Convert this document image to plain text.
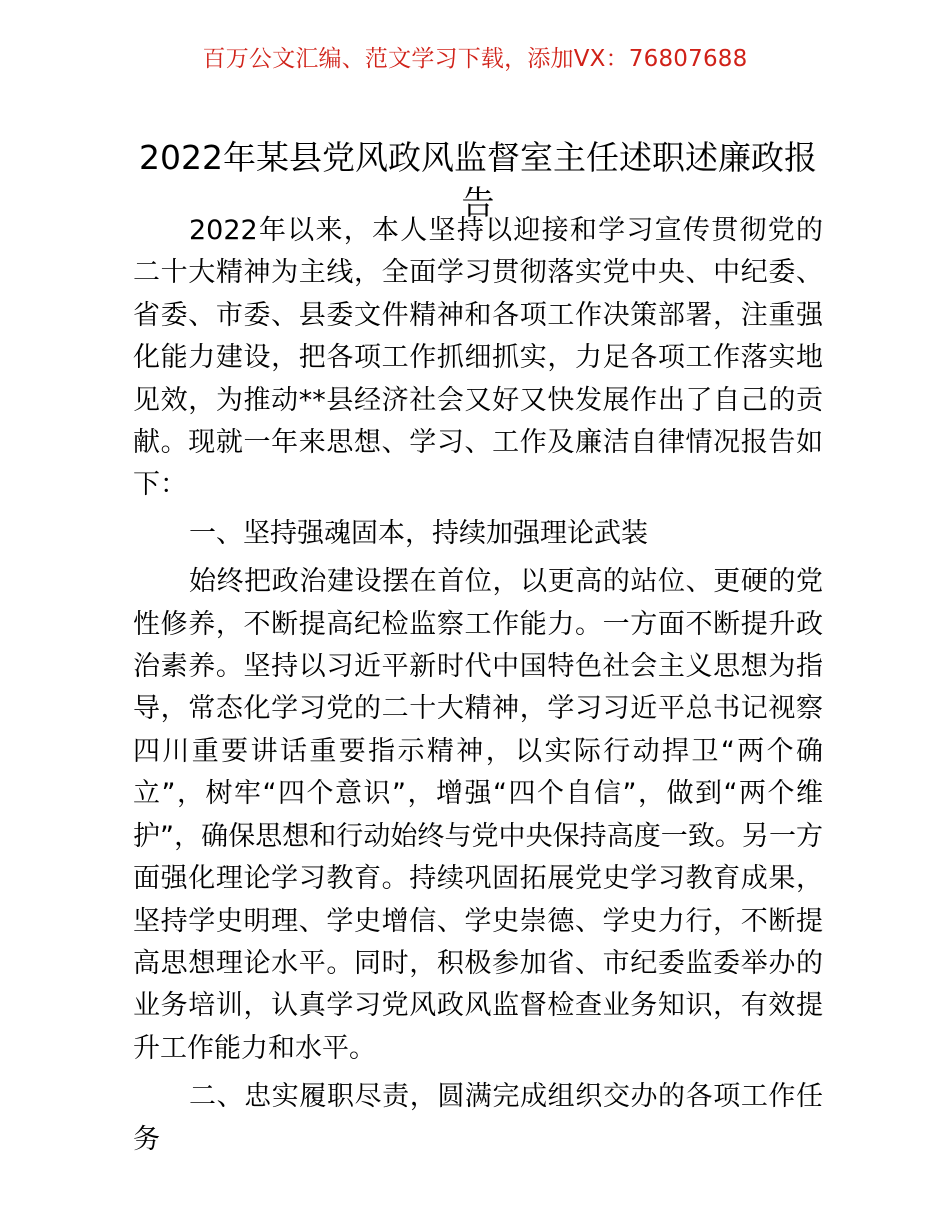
百万公文汇编、范文学习下载，添加VX：76807688
2022年某县党风政风监督室主任述职述廉政报告

2022年以来，本人坚持以迎接和学习宣传贯彻党的二十大精神为主线，全面学习贯彻落实党中央、中纪委、省委、市委、县委文件精神和各项工作决策部署，注重强化能力建设，把各项工作抓细抓实，力足各项工作落实地见效，为推动**县经济社会又好又快发展作出了自己的贡献。现就一年来思想、学习、工作及廉洁自律情况报告如下：

一、坚持强魂固本，持续加强理论武装

始终把政治建设摆在首位，以更高的站位、更硬的党性修养，不断提高纪检监察工作能力。一方面不断提升政治素养。坚持以习近平新时代中国特色社会主义思想为指导，常态化学习党的二十大精神，学习习近平总书记视察四川重要讲话重要指示精神，以实际行动捍卫“两个确立”，树牢“四个意识”，增强“四个自信”，做到“两个维护”，确保思想和行动始终与党中央保持高度一致。另一方面强化理论学习教育。持续巩固拓展党史学习教育成果，坚持学史明理、学史增信、学史崇德、学史力行，不断提高思想理论水平。同时，积极参加省、市纪委监委举办的业务培训，认真学习党风政风监督检查业务知识，有效提升工作能力和水平。

二、忠实履职尽责，圆满完成组织交办的各项工作任务
